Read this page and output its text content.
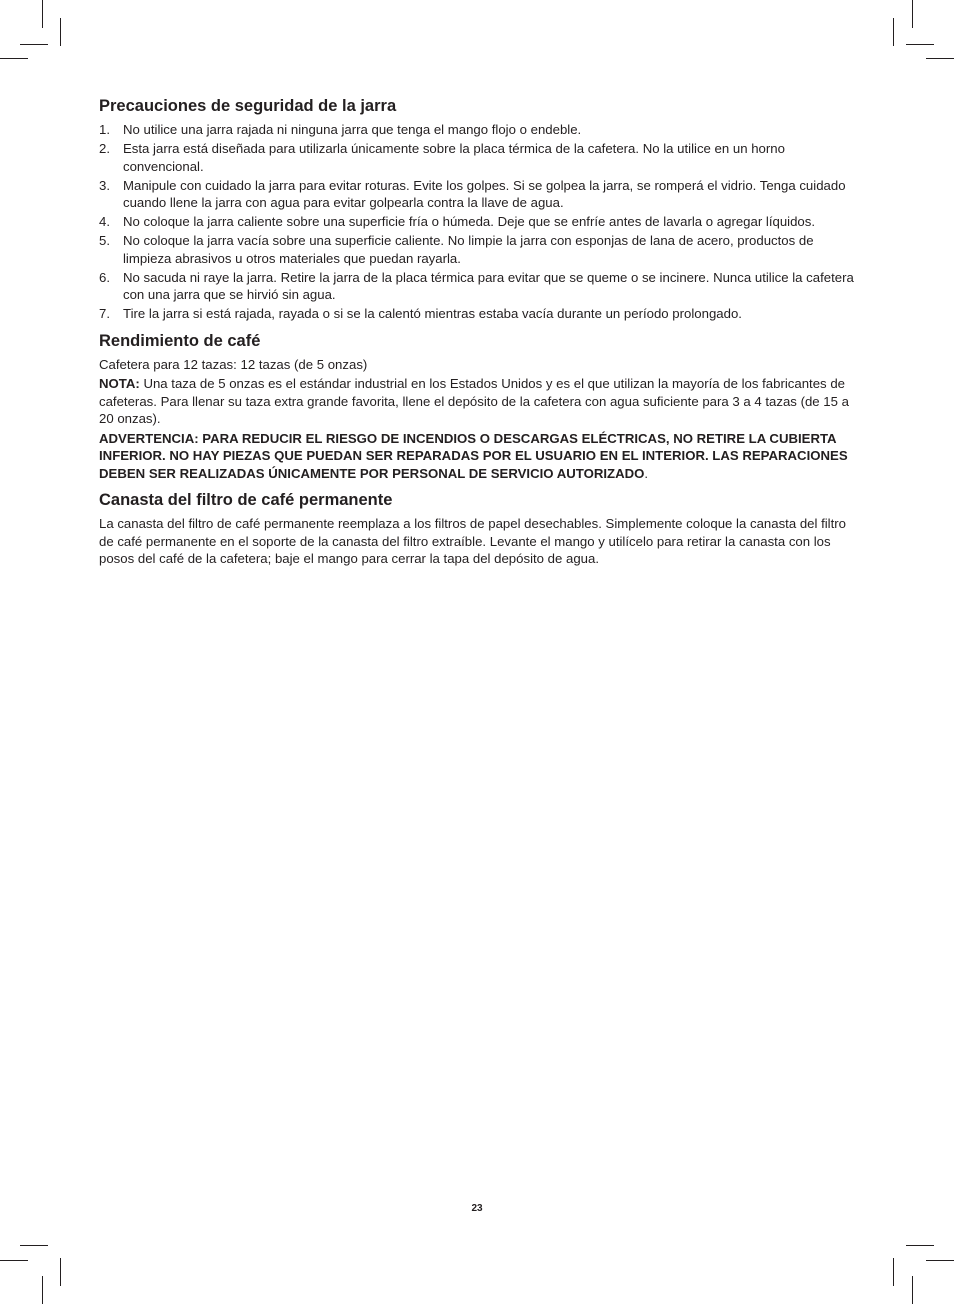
Precauciones de seguridad de la jarra
1. No utilice una jarra rajada ni ninguna jarra que tenga el mango flojo o endeble.
2. Esta jarra está diseñada para utilizarla únicamente sobre la placa térmica de la cafetera. No la utilice en un horno convencional.
3. Manipule con cuidado la jarra para evitar roturas. Evite los golpes. Si se golpea la jarra, se romperá el vidrio. Tenga cuidado cuando llene la jarra con agua para evitar golpearla contra la llave de agua.
4. No coloque la jarra caliente sobre una superficie fría o húmeda. Deje que se enfríe antes de lavarla o agregar líquidos.
5. No coloque la jarra vacía sobre una superficie caliente. No limpie la jarra con esponjas de lana de acero, productos de limpieza abrasivos u otros materiales que puedan rayarla.
6. No sacuda ni raye la jarra. Retire la jarra de la placa térmica para evitar que se queme o se incinere. Nunca utilice la cafetera con una jarra que se hirvió sin agua.
7. Tire la jarra si está rajada, rayada o si se la calentó mientras estaba vacía durante un período prolongado.
Rendimiento de café

Cafetera para 12 tazas: 12 tazas (de 5 onzas)

NOTA: Una taza de 5 onzas es el estándar industrial en los Estados Unidos y es el que utilizan la mayoría de los fabricantes de cafeteras. Para llenar su taza extra grande favorita, llene el depósito de la cafetera con agua suficiente para 3 a 4 tazas (de 15 a 20 onzas).

ADVERTENCIA: PARA REDUCIR EL RIESGO DE INCENDIOS O DESCARGAS ELÉCTRICAS, NO RETIRE LA CUBIERTA INFERIOR. NO HAY PIEZAS QUE PUEDAN SER REPARADAS POR EL USUARIO EN EL INTERIOR. LAS REPARACIONES DEBEN SER REALIZADAS ÚNICAMENTE POR PERSONAL DE SERVICIO AUTORIZADO.

Canasta del filtro de café permanente

La canasta del filtro de café permanente reemplaza a los filtros de papel desechables. Simplemente coloque la canasta del filtro de café permanente en el soporte de la canasta del filtro extraíble. Levante el mango y utilícelo para retirar la canasta con los posos del café de la cafetera; baje el mango para cerrar la tapa del depósito de agua.

23
